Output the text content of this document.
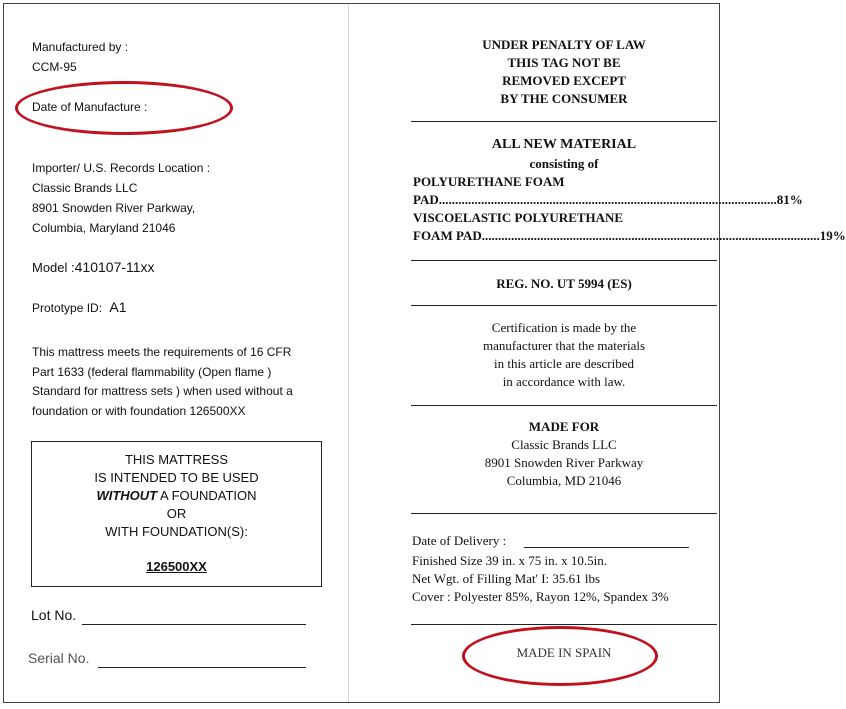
Manufactured by :
CCM-95
Date of Manufacture :
Importer/ U.S. Records Location :
Classic Brands LLC
8901 Snowden River Parkway,
Columbia, Maryland 21046
Model :410107-11xx
Prototype ID: A1
This mattress meets the requirements of 16 CFR
Part 1633 (federal flammability (Open flame )
Standard for mattress sets ) when used without a
foundation or with foundation 126500XX
THIS MATTRESS
IS INTENDED TO BE USED
WITHOUT A FOUNDATION
OR
WITH FOUNDATION(S):
126500XX
Lot No.
Serial No.
UNDER PENALTY OF LAW
THIS TAG NOT BE
REMOVED EXCEPT
BY THE CONSUMER
ALL NEW MATERIAL
consisting of
POLYURETHANE FOAM
PAD ........................................................................................................ 81%
VISCOELASTIC POLYURETHANE
FOAM PAD ........................................................................................................ 19%
REG. NO. UT 5994 (ES)
Certification is made by the
manufacturer that the materials
in this article are described
in accordance with law.
MADE FOR
Classic Brands LLC
8901 Snowden River Parkway
Columbia, MD 21046
Date of Delivery :
Finished Size 39 in. x 75 in. x 10.5in.
Net Wgt. of Filling Mat' I: 35.61 lbs
Cover : Polyester 85%, Rayon 12%, Spandex 3%
MADE IN SPAIN
